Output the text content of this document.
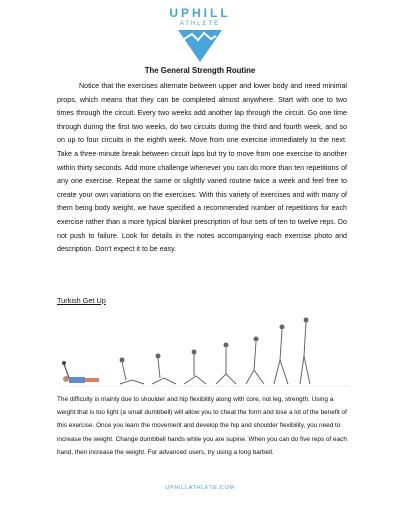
UPHILL
ATHLETE
The General Strength Routine

Notice that the exercises alternate between upper and lower body and need minimal props, which means that they can be completed almost anywhere. Start with one to two times through the circuit. Every two weeks add another lap through the circuit. Go one time through during the first two weeks, do two circuits during the third and fourth week, and so on up to four circuits in the eighth week. Move from one exercise immediately to the next. Take a three-minute break between circuit laps but try to move from one exercise to another within thirty seconds. Add more challenge whenever you can do more than ten repetitions of any one exercise. Repeat the same or slightly varied routine twice a week and feel free to create your own variations on the exercises. With this variety of exercises and with many of them being body weight, we have specified a recommended number of repetitions for each exercise rather than a more typical blanket prescription of four sets of ten to twelve reps. Do not push to failure. Look for details in the notes accompanying each exercise photo and description. Don't expect it to be easy.

Turkish Get Up

The difficulty is mainly due to shoulder and hip flexibility along with core, not leg, strength. Using a weight that is too light (a small dumbbell) will allow you to cheat the form and lose a lot of the benefit of this exercise. Once you learn the movement and develop the hip and shoulder flexibility, you need to increase the weight. Change dumbbell hands while you are supine. When you can do five reps of each hand, then increase the weight. For advanced users, try using a long barbell.

UPHILLATHLETE.COM
